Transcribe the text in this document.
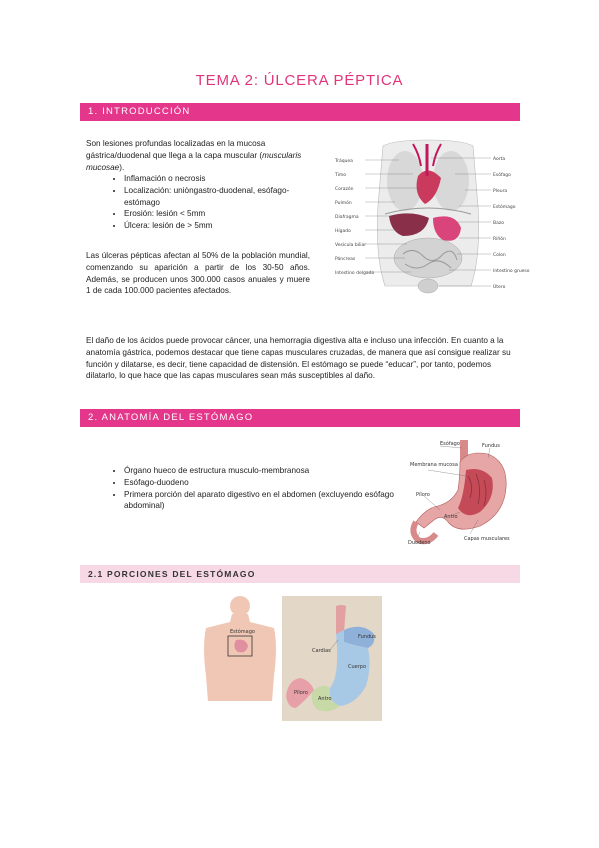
TEMA 2: ÚLCERA PÉPTICA
1. INTRODUCCIÓN
Son lesiones profundas localizadas en la mucosa gástrica/duodenal que llega a la capa muscular (muscularis mucosae).
• Inflamación o necrosis
• Localización: uniòngastro-duodenal, esófago-estómago
• Erosión: lesión < 5mm
• Úlcera: lesión de > 5mm
Las úlceras pépticas afectan al 50% de la población mundial, comenzando su aparición a partir de los 30-50 años. Además, se producen unos 300.000 casos anuales y muere 1 de cada 100.000 pacientes afectados.
El daño de los ácidos puede provocar cáncer, una hemorragia digestiva alta e incluso una infección. En cuanto a la anatomía gástrica, podemos destacar que tiene capas musculares cruzadas, de manera que así consigue realizar su función y dilatarse, es decir, tiene capacidad de distensión. El estómago se puede “educar”, por tanto, podemos dilatarlo, lo que hace que las capas musculares sean más susceptibles al daño.
Tráquea
Timo
Corazón
Pulmón
Diafragma
Hígado
Vesícula biliar
Páncreas
Intestino delgado
Aorta
Esófago
Pleura
Estómago
Bazo
Riñón
Colon
Intestino grueso
Útero
2. ANATOMÍA DEL ESTÓMAGO
• Órgano hueco de estructura musculo-membranosa
• Esófago-duodeno
• Primera porción del aparato digestivo en el abdomen (excluyendo esófago abdominal)
Esófago	Fundus
Membrana mucosa
Píloro
Antro
Duodeno
Capas musculares
2.1 PORCIONES DEL ESTÓMAGO
Estómago
Fundus
Cardias
Cuerpo
Píloro
Antro
